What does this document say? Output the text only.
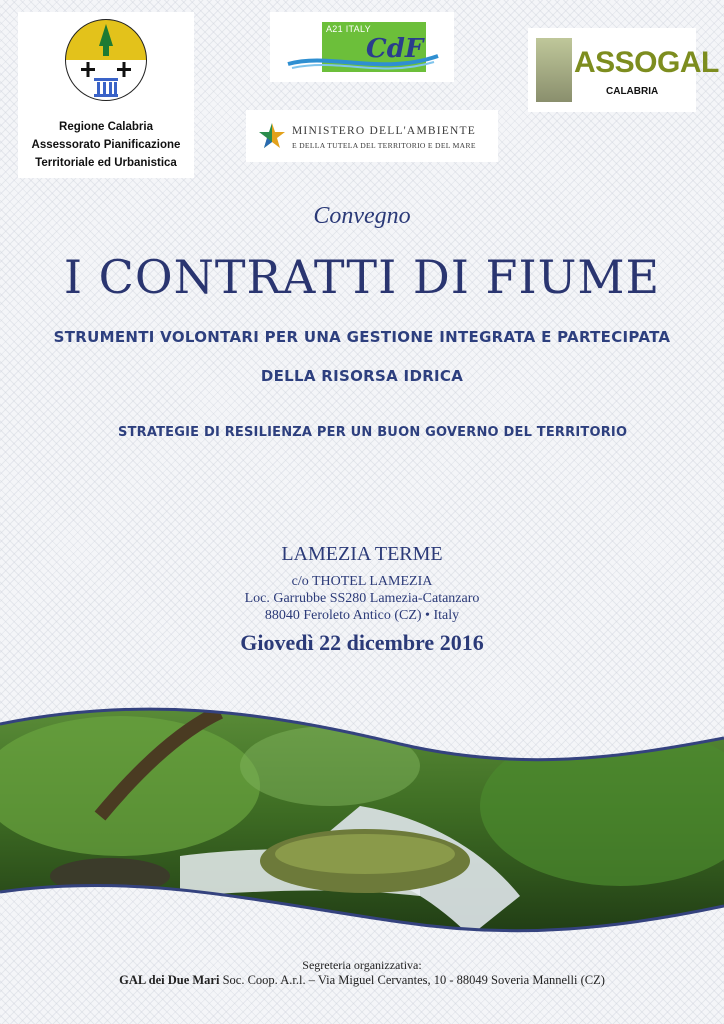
Regione Calabria
Assessorato Pianificazione
Territoriale ed Urbanistica
A21 ITALY
CdF	ASSOGAL
CALABRIA
MINISTERO DELL'AMBIENTE
E DELLA TUTELA DEL TERRITORIO E DEL MARE
Convegno
I CONTRATTI DI FIUME
STRUMENTI VOLONTARI PER UNA GESTIONE INTEGRATA E PARTECIPATA
DELLA RISORSA IDRICA
STRATEGIE DI RESILIENZA PER UN BUON GOVERNO DEL TERRITORIO
LAMEZIA TERME
c/o THOTEL LAMEZIA
Loc. Garrubbe SS280 Lamezia-Catanzaro
88040 Feroleto Antico (CZ) • Italy
Giovedì 22 dicembre 2016
Segreteria organizzativa:
GAL dei Due Mari Soc. Coop. A.r.l. – Via Miguel Cervantes, 10 - 88049 Soveria Mannelli (CZ)
